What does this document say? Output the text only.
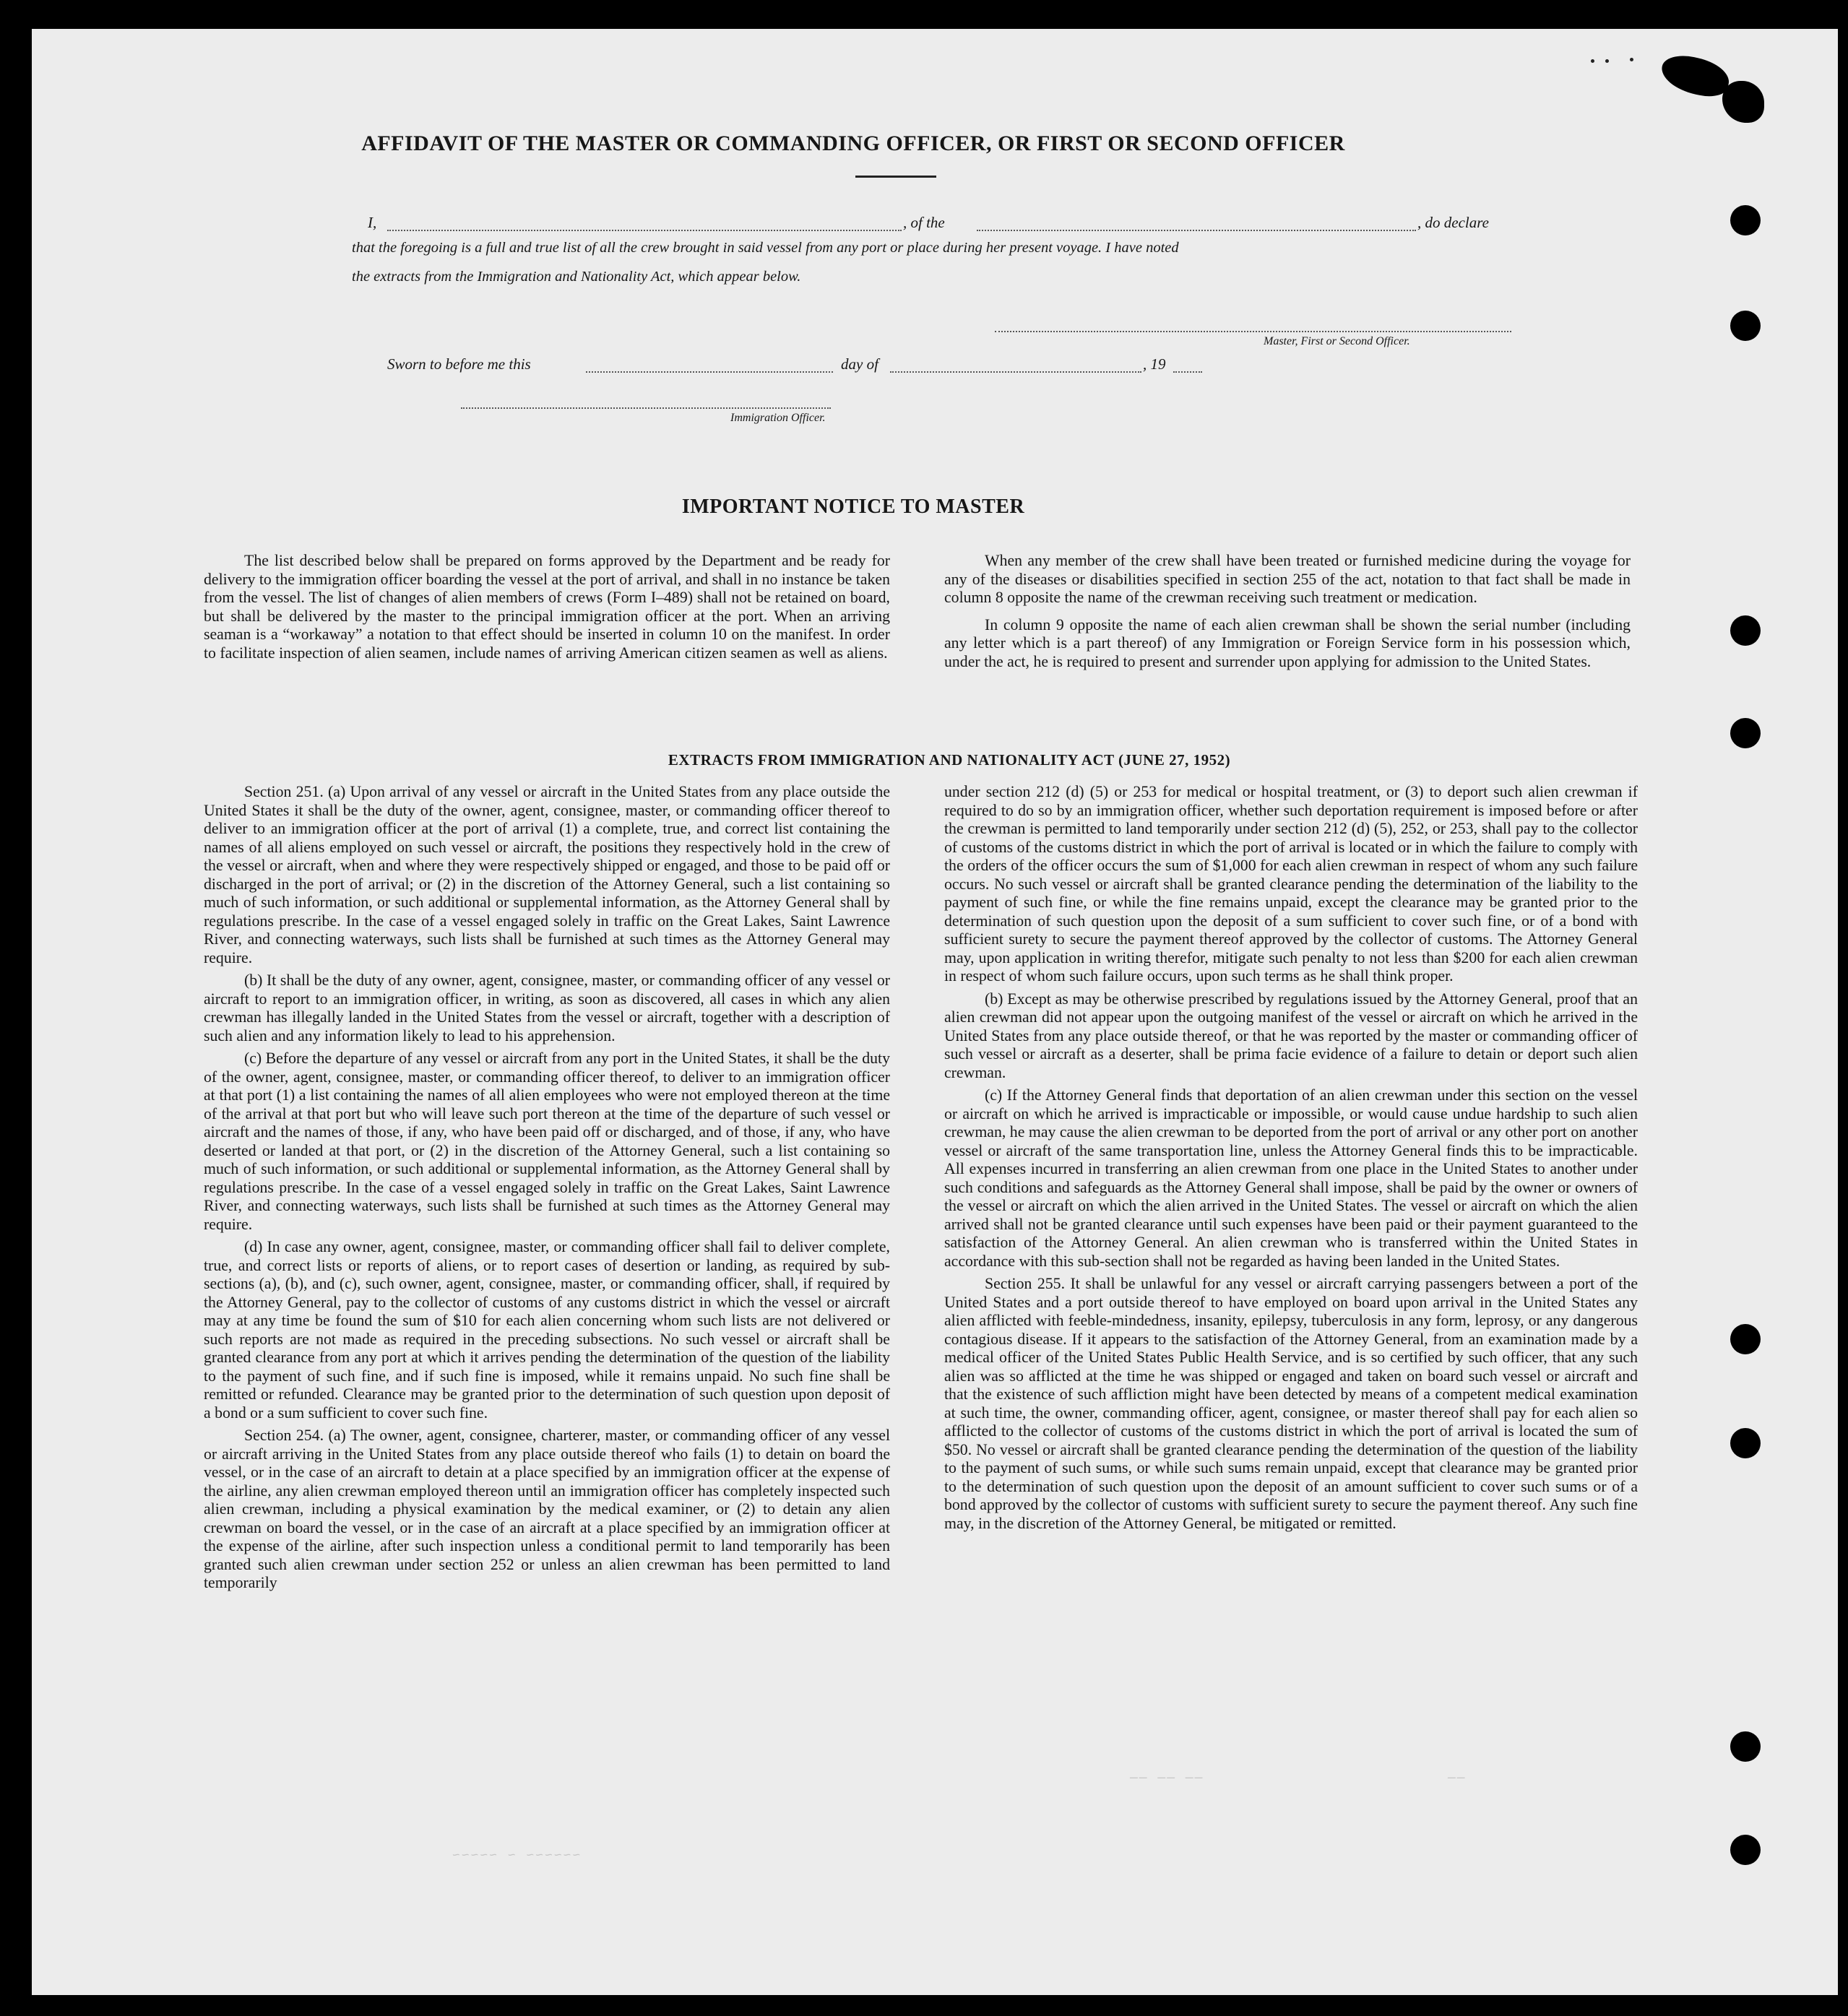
AFFIDAVIT OF THE MASTER OR COMMANDING OFFICER, OR FIRST OR SECOND OFFICER
I,	, of the	, do declare
that the foregoing is a full and true list of all the crew brought in said vessel from any port or place during her present voyage. I have noted
the extracts from the Immigration and Nationality Act, which appear below.
Master, First or Second Officer.
Sworn to before me this	day of	, 19
Immigration Officer.
IMPORTANT NOTICE TO MASTER

The list described below shall be prepared on forms approved by the Department and be ready for delivery to the immigration officer boarding the vessel at the port of arrival, and shall in no instance be taken from the vessel. The list of changes of alien members of crews (Form I–489) shall not be retained on board, but shall be delivered by the master to the principal immigration officer at the port. When an arriving seaman is a “workaway” a notation to that effect should be inserted in column 10 on the manifest. In order to facilitate inspection of alien seamen, include names of arriving American citizen seamen as well as aliens.

When any member of the crew shall have been treated or furnished medicine during the voyage for any of the diseases or disabilities specified in section 255 of the act, notation to that fact shall be made in column 8 opposite the name of the crewman receiving such treatment or medication.

In column 9 opposite the name of each alien crewman shall be shown the serial number (including any letter which is a part thereof) of any Immigration or Foreign Service form in his possession which, under the act, he is required to present and surrender upon applying for admission to the United States.

EXTRACTS FROM IMMIGRATION AND NATIONALITY ACT (JUNE 27, 1952)

Section 251. (a) Upon arrival of any vessel or aircraft in the United States from any place outside the United States it shall be the duty of the owner, agent, consignee, master, or commanding officer thereof to deliver to an immigration officer at the port of arrival (1) a complete, true, and correct list containing the names of all aliens employed on such vessel or aircraft, the positions they respectively hold in the crew of the vessel or aircraft, when and where they were respectively shipped or engaged, and those to be paid off or discharged in the port of arrival; or (2) in the discretion of the Attorney General, such a list containing so much of such information, or such additional or supplemental information, as the Attorney General shall by regulations prescribe. In the case of a vessel engaged solely in traffic on the Great Lakes, Saint Lawrence River, and connecting waterways, such lists shall be furnished at such times as the Attorney General may require.

(b) It shall be the duty of any owner, agent, consignee, master, or commanding officer of any vessel or aircraft to report to an immigration officer, in writing, as soon as discovered, all cases in which any alien crewman has illegally landed in the United States from the vessel or aircraft, together with a description of such alien and any information likely to lead to his apprehension.

(c) Before the departure of any vessel or aircraft from any port in the United States, it shall be the duty of the owner, agent, consignee, master, or commanding officer thereof, to deliver to an immigration officer at that port (1) a list containing the names of all alien employees who were not employed thereon at the time of the arrival at that port but who will leave such port thereon at the time of the departure of such vessel or aircraft and the names of those, if any, who have been paid off or discharged, and of those, if any, who have deserted or landed at that port, or (2) in the discretion of the Attorney General, such a list containing so much of such information, or such additional or supplemental information, as the Attorney General shall by regulations prescribe. In the case of a vessel engaged solely in traffic on the Great Lakes, Saint Lawrence River, and connecting waterways, such lists shall be furnished at such times as the Attorney General may require.

(d) In case any owner, agent, consignee, master, or commanding officer shall fail to deliver complete, true, and correct lists or reports of aliens, or to report cases of desertion or landing, as required by sub-sections (a), (b), and (c), such owner, agent, consignee, master, or commanding officer, shall, if required by the Attorney General, pay to the collector of customs of any customs district in which the vessel or aircraft may at any time be found the sum of $10 for each alien concerning whom such lists are not delivered or such reports are not made as required in the preceding subsections. No such vessel or aircraft shall be granted clearance from any port at which it arrives pending the determination of the question of the liability to the payment of such fine, and if such fine is imposed, while it remains unpaid. No such fine shall be remitted or refunded. Clearance may be granted prior to the determination of such question upon deposit of a bond or a sum sufficient to cover such fine.

Section 254. (a) The owner, agent, consignee, charterer, master, or commanding officer of any vessel or aircraft arriving in the United States from any place outside thereof who fails (1) to detain on board the vessel, or in the case of an aircraft to detain at a place specified by an immigration officer at the expense of the airline, any alien crewman employed thereon until an immigration officer has completely inspected such alien crewman, including a physical examination by the medical examiner, or (2) to detain any alien crewman on board the vessel, or in the case of an aircraft at a place specified by an immigration officer at the expense of the airline, after such inspection unless a conditional permit to land temporarily has been granted such alien crewman under section 252 or unless an alien crewman has been permitted to land temporarily

under section 212 (d) (5) or 253 for medical or hospital treatment, or (3) to deport such alien crewman if required to do so by an immigration officer, whether such deportation requirement is imposed before or after the crewman is permitted to land temporarily under section 212 (d) (5), 252, or 253, shall pay to the collector of customs of the customs district in which the port of arrival is located or in which the failure to comply with the orders of the officer occurs the sum of $1,000 for each alien crewman in respect of whom any such failure occurs. No such vessel or aircraft shall be granted clearance pending the determination of the liability to the payment of such fine, or while the fine remains unpaid, except the clearance may be granted prior to the determination of such question upon the deposit of a sum sufficient to cover such fine, or of a bond with sufficient surety to secure the payment thereof approved by the collector of customs. The Attorney General may, upon application in writing therefor, mitigate such penalty to not less than $200 for each alien crewman in respect of whom such failure occurs, upon such terms as he shall think proper.

(b) Except as may be otherwise prescribed by regulations issued by the Attorney General, proof that an alien crewman did not appear upon the outgoing manifest of the vessel or aircraft on which he arrived in the United States from any place outside thereof, or that he was reported by the master or commanding officer of such vessel or aircraft as a deserter, shall be prima facie evidence of a failure to detain or deport such alien crewman.

(c) If the Attorney General finds that deportation of an alien crewman under this section on the vessel or aircraft on which he arrived is impracticable or impossible, or would cause undue hardship to such alien crewman, he may cause the alien crewman to be deported from the port of arrival or any other port on another vessel or aircraft of the same transportation line, unless the Attorney General finds this to be impracticable. All expenses incurred in transferring an alien crewman from one place in the United States to another under such conditions and safeguards as the Attorney General shall impose, shall be paid by the owner or owners of the vessel or aircraft on which the alien arrived in the United States. The vessel or aircraft on which the alien arrived shall not be granted clearance until such expenses have been paid or their payment guaranteed to the satisfaction of the Attorney General. An alien crewman who is transferred within the United States in accordance with this sub-section shall not be regarded as having been landed in the United States.

Section 255. It shall be unlawful for any vessel or aircraft carrying passengers between a port of the United States and a port outside thereof to have employed on board upon arrival in the United States any alien afflicted with feeble-mindedness, insanity, epilepsy, tuberculosis in any form, leprosy, or any dangerous contagious disease. If it appears to the satisfaction of the Attorney General, from an examination made by a medical officer of the United States Public Health Service, and is so certified by such officer, that any such alien was so afflicted at the time he was shipped or engaged and taken on board such vessel or aircraft and that the existence of such affliction might have been detected by means of a competent medical examination at such time, the owner, commanding officer, agent, consignee, or master thereof shall pay for each alien so afflicted to the collector of customs of the customs district in which the port of arrival is located the sum of $50. No vessel or aircraft shall be granted clearance pending the determination of the question of the liability to the payment of such sums, or while such sums remain unpaid, except that clearance may be granted prior to the determination of such question upon the deposit of an amount sufficient to cover such sums or of a bond approved by the collector of customs with sufficient surety to secure the payment thereof. Any such fine may, in the discretion of the Attorney General, be mitigated or remitted.

~~~~~~ ~ ~~~~~
—— —— ——	——
